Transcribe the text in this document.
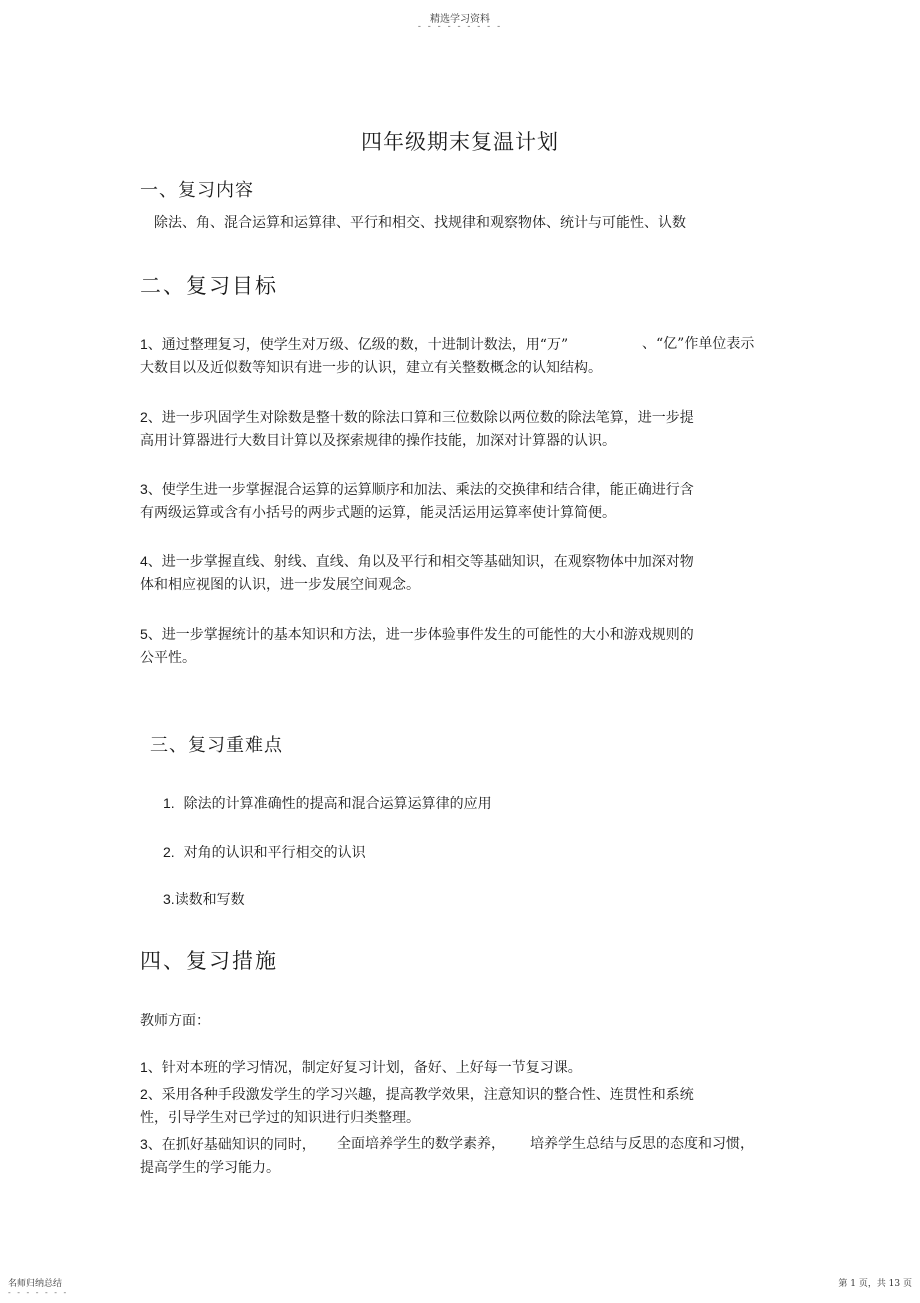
精选学习资料
- - - - - - - - -
四年级期末复温计划
一、复习内容
除法、角、混合运算和运算律、平行和相交、找规律和观察物体、统计与可能性、认数
二、复习目标
1、通过整理复习，使学生对万级、亿级的数，十进制计数法，用“万”	、“亿”作单位表示
大数目以及近似数等知识有进一步的认识，建立有关整数概念的认知结构。
2、进一步巩固学生对除数是整十数的除法口算和三位数除以两位数的除法笔算，进一步提
高用计算器进行大数目计算以及探索规律的操作技能，加深对计算器的认识。
3、使学生进一步掌握混合运算的运算顺序和加法、乘法的交换律和结合律，能正确进行含
有两级运算或含有小括号的两步式题的运算，能灵活运用运算率使计算简便。
4、进一步掌握直线、射线、直线、角以及平行和相交等基础知识，在观察物体中加深对物
体和相应视图的认识，进一步发展空间观念。
5、进一步掌握统计的基本知识和方法，进一步体验事件发生的可能性的大小和游戏规则的
公平性。
三、复习重难点
1. 除法的计算准确性的提高和混合运算运算律的应用
2. 对角的认识和平行相交的认识
3.读数和写数
四、复习措施
教师方面：
1、针对本班的学习情况，制定好复习计划，备好、上好每一节复习课。
2、采用各种手段激发学生的学习兴趣，提高教学效果，注意知识的整合性、连贯性和系统
性，引导学生对已学过的知识进行归类整理。
3、在抓好基础知识的同时， 全面培养学生的数学素养， 培养学生总结与反思的态度和习惯，
提高学生的学习能力。
名师归纳总结
- - - - - - -
第 1 页，共 13 页
